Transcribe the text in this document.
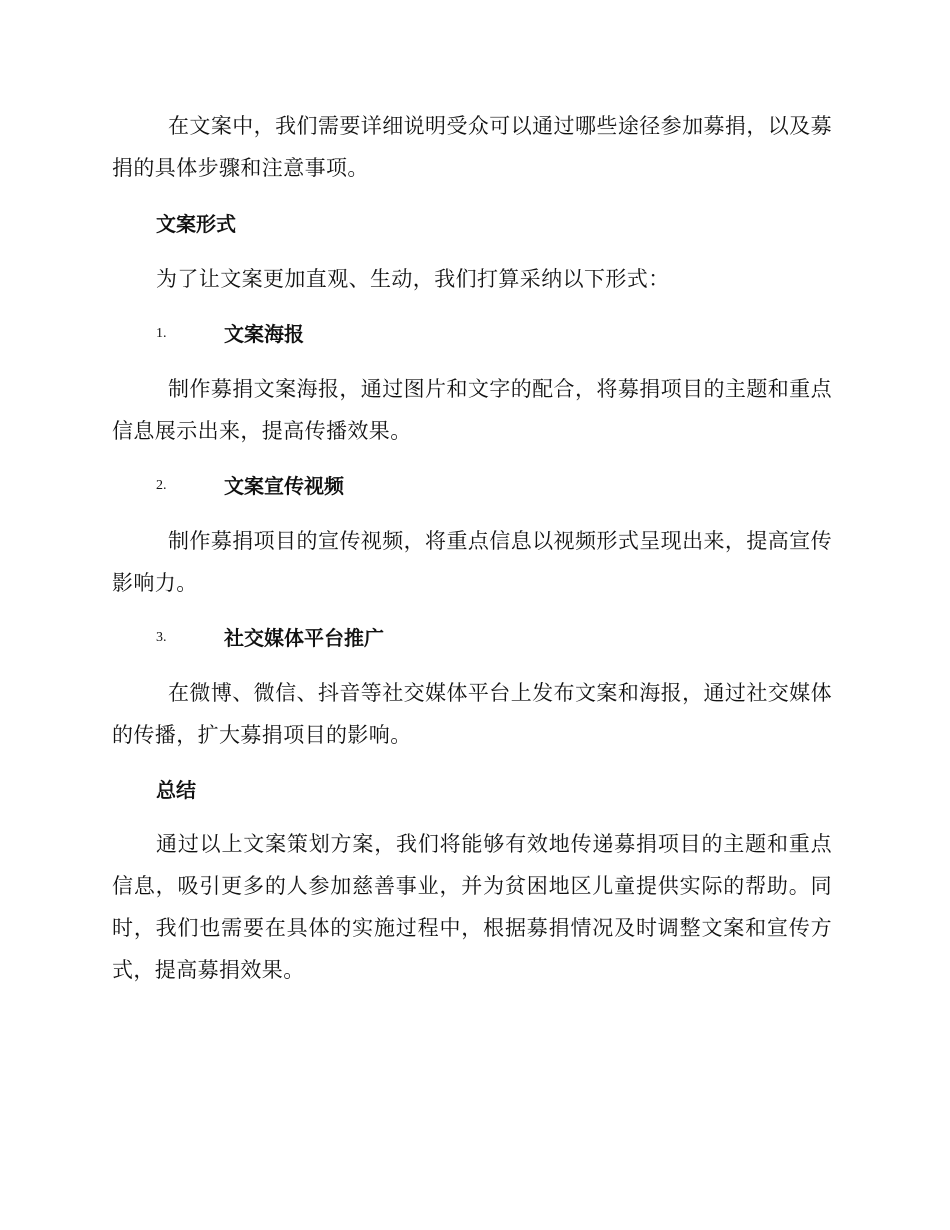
在文案中，我们需要详细说明受众可以通过哪些途径参加募捐，以及募捐的具体步骤和注意事项。

文案形式

为了让文案更加直观、生动，我们打算采纳以下形式：

1.	文案海报

制作募捐文案海报，通过图片和文字的配合，将募捐项目的主题和重点信息展示出来，提高传播效果。

2.	文案宣传视频

制作募捐项目的宣传视频，将重点信息以视频形式呈现出来，提高宣传影响力。

3.	社交媒体平台推广

在微博、微信、抖音等社交媒体平台上发布文案和海报，通过社交媒体的传播，扩大募捐项目的影响。

总结

通过以上文案策划方案，我们将能够有效地传递募捐项目的主题和重点信息，吸引更多的人参加慈善事业，并为贫困地区儿童提供实际的帮助。同时，我们也需要在具体的实施过程中，根据募捐情况及时调整文案和宣传方式，提高募捐效果。
